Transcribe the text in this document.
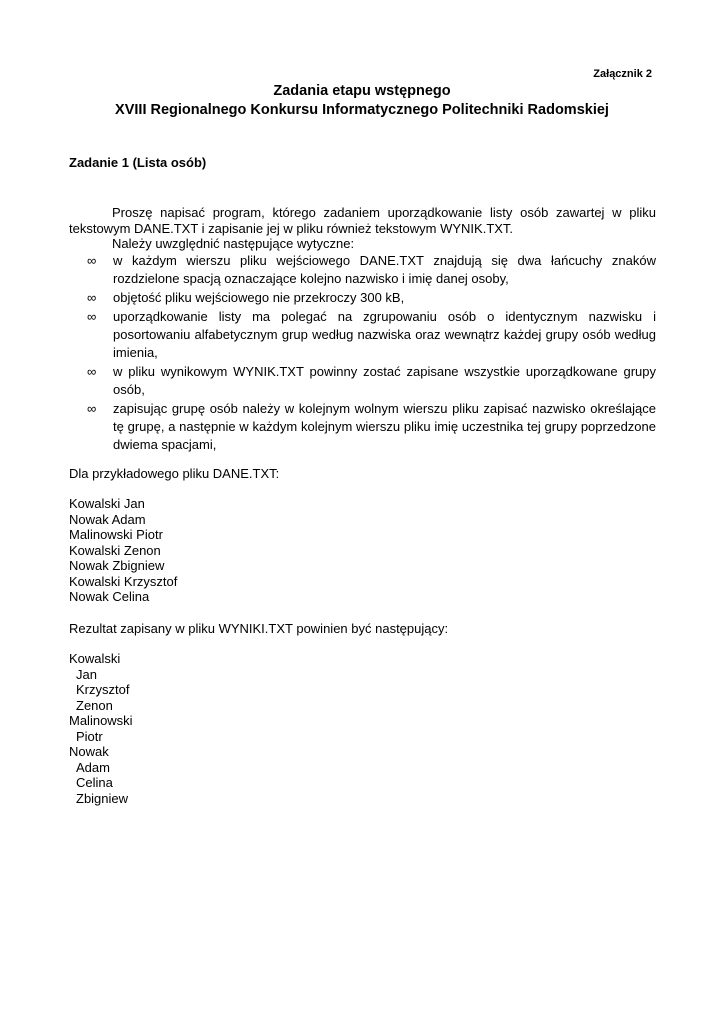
Załącznik 2
Zadania etapu wstępnego
XVIII Regionalnego Konkursu Informatycznego Politechniki Radomskiej
Zadanie 1 (Lista osób)
Proszę napisać program, którego zadaniem uporządkowanie listy osób zawartej w pliku tekstowym DANE.TXT i zapisanie jej w pliku również tekstowym WYNIK.TXT.
Należy uwzględnić następujące wytyczne:
∞ w każdym wierszu pliku wejściowego DANE.TXT znajdują się dwa łańcuchy znaków rozdzielone spacją oznaczające kolejno nazwisko i imię danej osoby,
∞ objętość pliku wejściowego nie przekroczy 300 kB,
∞ uporządkowanie listy ma polegać na zgrupowaniu osób o identycznym nazwisku i posortowaniu alfabetycznym grup według nazwiska oraz wewnątrz każdej grupy osób według imienia,
∞ w pliku wynikowym WYNIK.TXT powinny zostać zapisane wszystkie uporządkowane grupy osób,
∞ zapisując grupę osób należy w kolejnym wolnym wierszu pliku zapisać nazwisko określające tę grupę, a następnie w każdym kolejnym wierszu pliku imię uczestnika tej grupy poprzedzone dwiema spacjami,
Dla przykładowego pliku DANE.TXT:
Kowalski Jan
Nowak Adam
Malinowski Piotr
Kowalski Zenon
Nowak Zbigniew
Kowalski Krzysztof
Nowak Celina
Rezultat zapisany w pliku WYNIKI.TXT powinien być następujący:
Kowalski
Jan
Krzysztof
Zenon
Malinowski
Piotr
Nowak
Adam
Celina
Zbigniew
